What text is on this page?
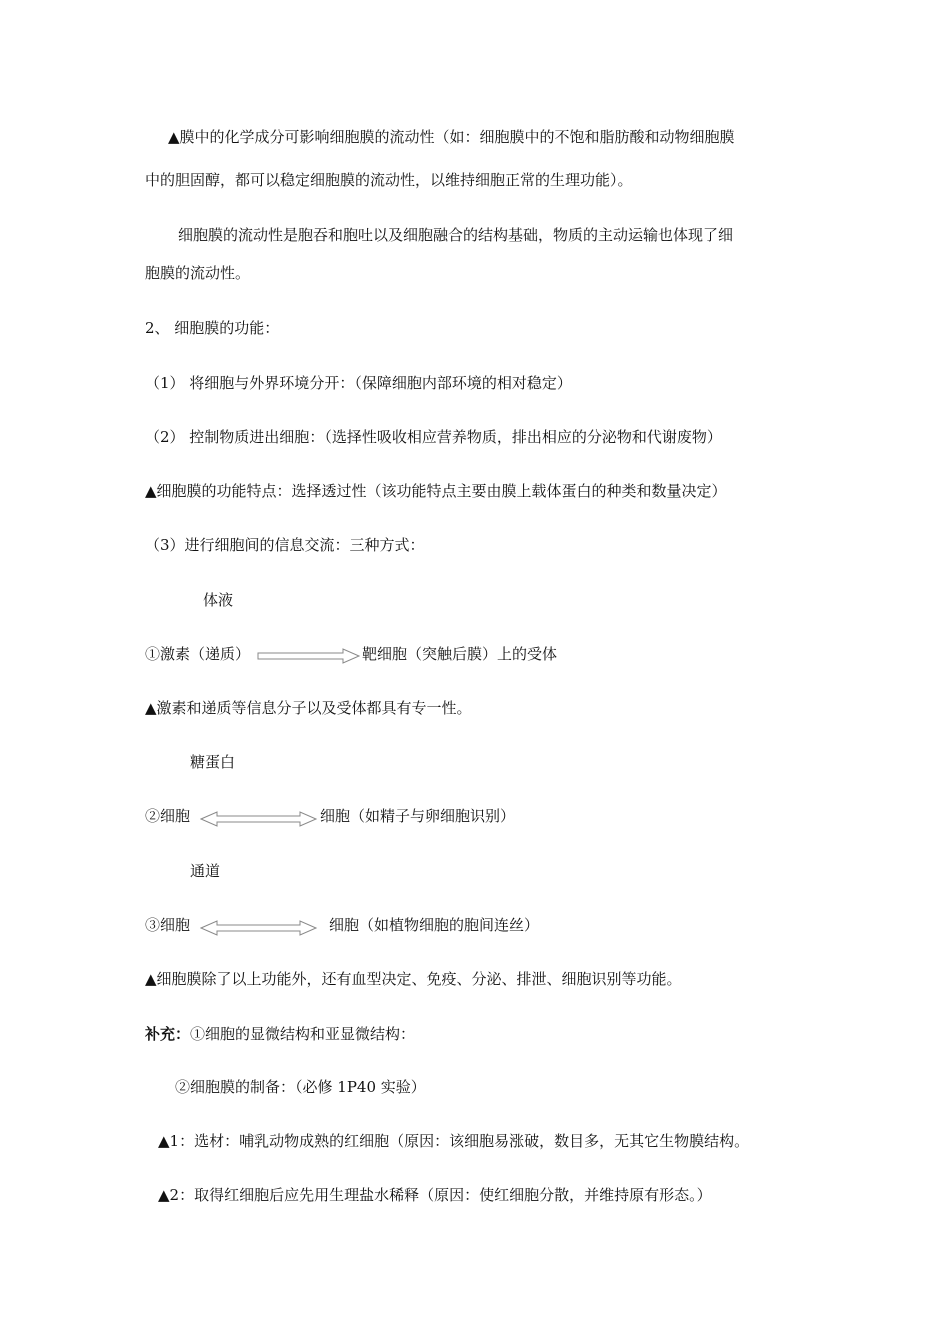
▲膜中的化学成分可影响细胞膜的流动性（如：细胞膜中的不饱和脂肪酸和动物细胞膜
中的胆固醇，都可以稳定细胞膜的流动性，以维持细胞正常的生理功能）。
细胞膜的流动性是胞吞和胞吐以及细胞融合的结构基础，物质的主动运输也体现了细
胞膜的流动性。
2、 细胞膜的功能：
（1） 将细胞与外界环境分开：（保障细胞内部环境的相对稳定）
（2） 控制物质进出细胞：（选择性吸收相应营养物质，排出相应的分泌物和代谢废物）
▲细胞膜的功能特点：选择透过性（该功能特点主要由膜上载体蛋白的种类和数量决定）
（3）进行细胞间的信息交流：三种方式：
体液
①激素（递质）	靶细胞（突触后膜）上的受体
▲激素和递质等信息分子以及受体都具有专一性。
糖蛋白
②细胞	细胞（如精子与卵细胞识别）
通道
③细胞	细胞（如植物细胞的胞间连丝）
▲细胞膜除了以上功能外，还有血型决定、免疫、分泌、排泄、细胞识别等功能。
补充：①细胞的显微结构和亚显微结构：
②细胞膜的制备：（必修 1P40 实验）
▲1：选材：哺乳动物成熟的红细胞（原因：该细胞易涨破，数目多，无其它生物膜结构。
▲2：取得红细胞后应先用生理盐水稀释（原因：使红细胞分散，并维持原有形态。）
